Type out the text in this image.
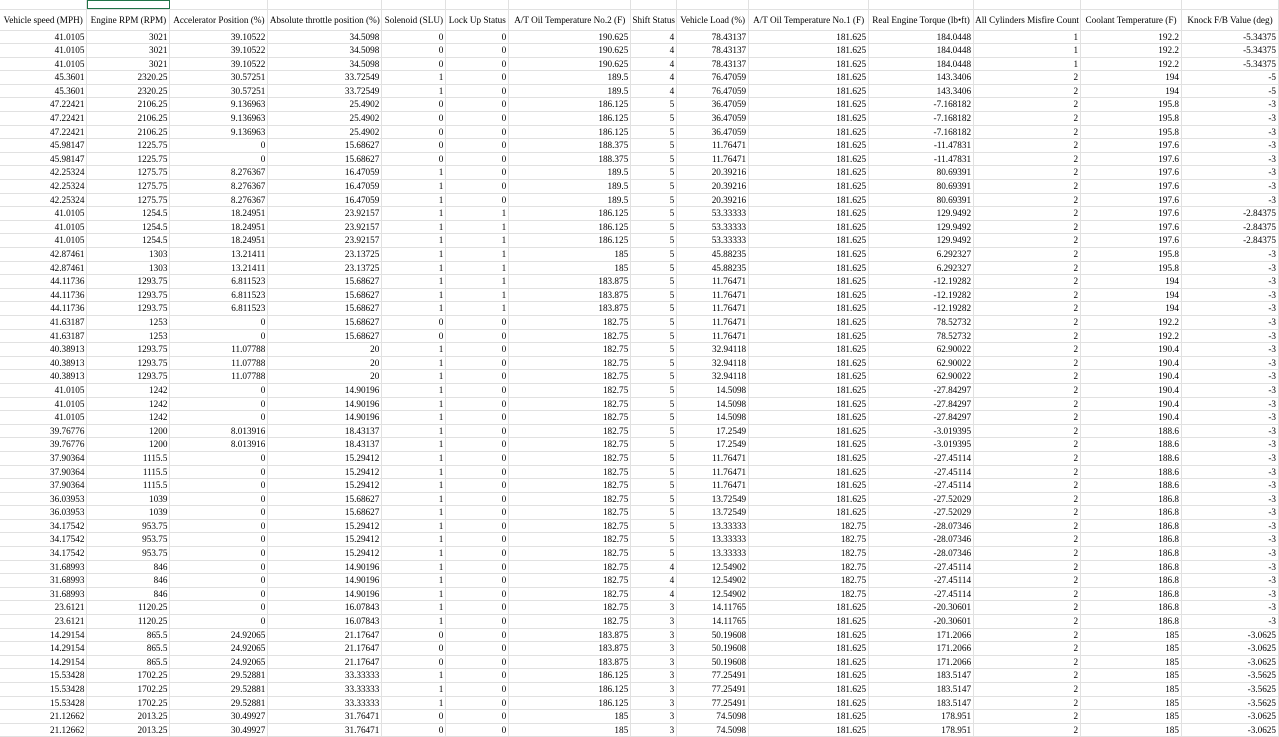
Vehicle speed (MPH)	Engine RPM (RPM)	Accelerator Position (%)	Absolute throttle position (%)	Solenoid (SLU)	Lock Up Status	A/T Oil Temperature No.2 (F)	Shift Status	Vehicle Load (%)	A/T Oil Temperature No.1 (F)	Real Engine Torque (lb•ft)	All Cylinders Misfire Count	Coolant Temperature (F)	Knock F/B Value (deg)
41.0105	3021	39.10522	34.5098	0	0	190.625	4	78.43137	181.625	184.0448	1	192.2	-5.34375
41.0105	3021	39.10522	34.5098	0	0	190.625	4	78.43137	181.625	184.0448	1	192.2	-5.34375
41.0105	3021	39.10522	34.5098	0	0	190.625	4	78.43137	181.625	184.0448	1	192.2	-5.34375
45.3601	2320.25	30.57251	33.72549	1	0	189.5	4	76.47059	181.625	143.3406	2	194	-5
45.3601	2320.25	30.57251	33.72549	1	0	189.5	4	76.47059	181.625	143.3406	2	194	-5
47.22421	2106.25	9.136963	25.4902	0	0	186.125	5	36.47059	181.625	-7.168182	2	195.8	-3
47.22421	2106.25	9.136963	25.4902	0	0	186.125	5	36.47059	181.625	-7.168182	2	195.8	-3
47.22421	2106.25	9.136963	25.4902	0	0	186.125	5	36.47059	181.625	-7.168182	2	195.8	-3
45.98147	1225.75	0	15.68627	0	0	188.375	5	11.76471	181.625	-11.47831	2	197.6	-3
45.98147	1225.75	0	15.68627	0	0	188.375	5	11.76471	181.625	-11.47831	2	197.6	-3
42.25324	1275.75	8.276367	16.47059	1	0	189.5	5	20.39216	181.625	80.69391	2	197.6	-3
42.25324	1275.75	8.276367	16.47059	1	0	189.5	5	20.39216	181.625	80.69391	2	197.6	-3
42.25324	1275.75	8.276367	16.47059	1	0	189.5	5	20.39216	181.625	80.69391	2	197.6	-3
41.0105	1254.5	18.24951	23.92157	1	1	186.125	5	53.33333	181.625	129.9492	2	197.6	-2.84375
41.0105	1254.5	18.24951	23.92157	1	1	186.125	5	53.33333	181.625	129.9492	2	197.6	-2.84375
41.0105	1254.5	18.24951	23.92157	1	1	186.125	5	53.33333	181.625	129.9492	2	197.6	-2.84375
42.87461	1303	13.21411	23.13725	1	1	185	5	45.88235	181.625	6.292327	2	195.8	-3
42.87461	1303	13.21411	23.13725	1	1	185	5	45.88235	181.625	6.292327	2	195.8	-3
44.11736	1293.75	6.811523	15.68627	1	1	183.875	5	11.76471	181.625	-12.19282	2	194	-3
44.11736	1293.75	6.811523	15.68627	1	1	183.875	5	11.76471	181.625	-12.19282	2	194	-3
44.11736	1293.75	6.811523	15.68627	1	1	183.875	5	11.76471	181.625	-12.19282	2	194	-3
41.63187	1253	0	15.68627	0	0	182.75	5	11.76471	181.625	78.52732	2	192.2	-3
41.63187	1253	0	15.68627	0	0	182.75	5	11.76471	181.625	78.52732	2	192.2	-3
40.38913	1293.75	11.07788	20	1	0	182.75	5	32.94118	181.625	62.90022	2	190.4	-3
40.38913	1293.75	11.07788	20	1	0	182.75	5	32.94118	181.625	62.90022	2	190.4	-3
40.38913	1293.75	11.07788	20	1	0	182.75	5	32.94118	181.625	62.90022	2	190.4	-3
41.0105	1242	0	14.90196	1	0	182.75	5	14.5098	181.625	-27.84297	2	190.4	-3
41.0105	1242	0	14.90196	1	0	182.75	5	14.5098	181.625	-27.84297	2	190.4	-3
41.0105	1242	0	14.90196	1	0	182.75	5	14.5098	181.625	-27.84297	2	190.4	-3
39.76776	1200	8.013916	18.43137	1	0	182.75	5	17.2549	181.625	-3.019395	2	188.6	-3
39.76776	1200	8.013916	18.43137	1	0	182.75	5	17.2549	181.625	-3.019395	2	188.6	-3
37.90364	1115.5	0	15.29412	1	0	182.75	5	11.76471	181.625	-27.45114	2	188.6	-3
37.90364	1115.5	0	15.29412	1	0	182.75	5	11.76471	181.625	-27.45114	2	188.6	-3
37.90364	1115.5	0	15.29412	1	0	182.75	5	11.76471	181.625	-27.45114	2	188.6	-3
36.03953	1039	0	15.68627	1	0	182.75	5	13.72549	181.625	-27.52029	2	186.8	-3
36.03953	1039	0	15.68627	1	0	182.75	5	13.72549	181.625	-27.52029	2	186.8	-3
34.17542	953.75	0	15.29412	1	0	182.75	5	13.33333	182.75	-28.07346	2	186.8	-3
34.17542	953.75	0	15.29412	1	0	182.75	5	13.33333	182.75	-28.07346	2	186.8	-3
34.17542	953.75	0	15.29412	1	0	182.75	5	13.33333	182.75	-28.07346	2	186.8	-3
31.68993	846	0	14.90196	1	0	182.75	4	12.54902	182.75	-27.45114	2	186.8	-3
31.68993	846	0	14.90196	1	0	182.75	4	12.54902	182.75	-27.45114	2	186.8	-3
31.68993	846	0	14.90196	1	0	182.75	4	12.54902	182.75	-27.45114	2	186.8	-3
23.6121	1120.25	0	16.07843	1	0	182.75	3	14.11765	181.625	-20.30601	2	186.8	-3
23.6121	1120.25	0	16.07843	1	0	182.75	3	14.11765	181.625	-20.30601	2	186.8	-3
14.29154	865.5	24.92065	21.17647	0	0	183.875	3	50.19608	181.625	171.2066	2	185	-3.0625
14.29154	865.5	24.92065	21.17647	0	0	183.875	3	50.19608	181.625	171.2066	2	185	-3.0625
14.29154	865.5	24.92065	21.17647	0	0	183.875	3	50.19608	181.625	171.2066	2	185	-3.0625
15.53428	1702.25	29.52881	33.33333	1	0	186.125	3	77.25491	181.625	183.5147	2	185	-3.5625
15.53428	1702.25	29.52881	33.33333	1	0	186.125	3	77.25491	181.625	183.5147	2	185	-3.5625
15.53428	1702.25	29.52881	33.33333	1	0	186.125	3	77.25491	181.625	183.5147	2	185	-3.5625
21.12662	2013.25	30.49927	31.76471	0	0	185	3	74.5098	181.625	178.951	2	185	-3.0625
21.12662	2013.25	30.49927	31.76471	0	0	185	3	74.5098	181.625	178.951	2	185	-3.0625
